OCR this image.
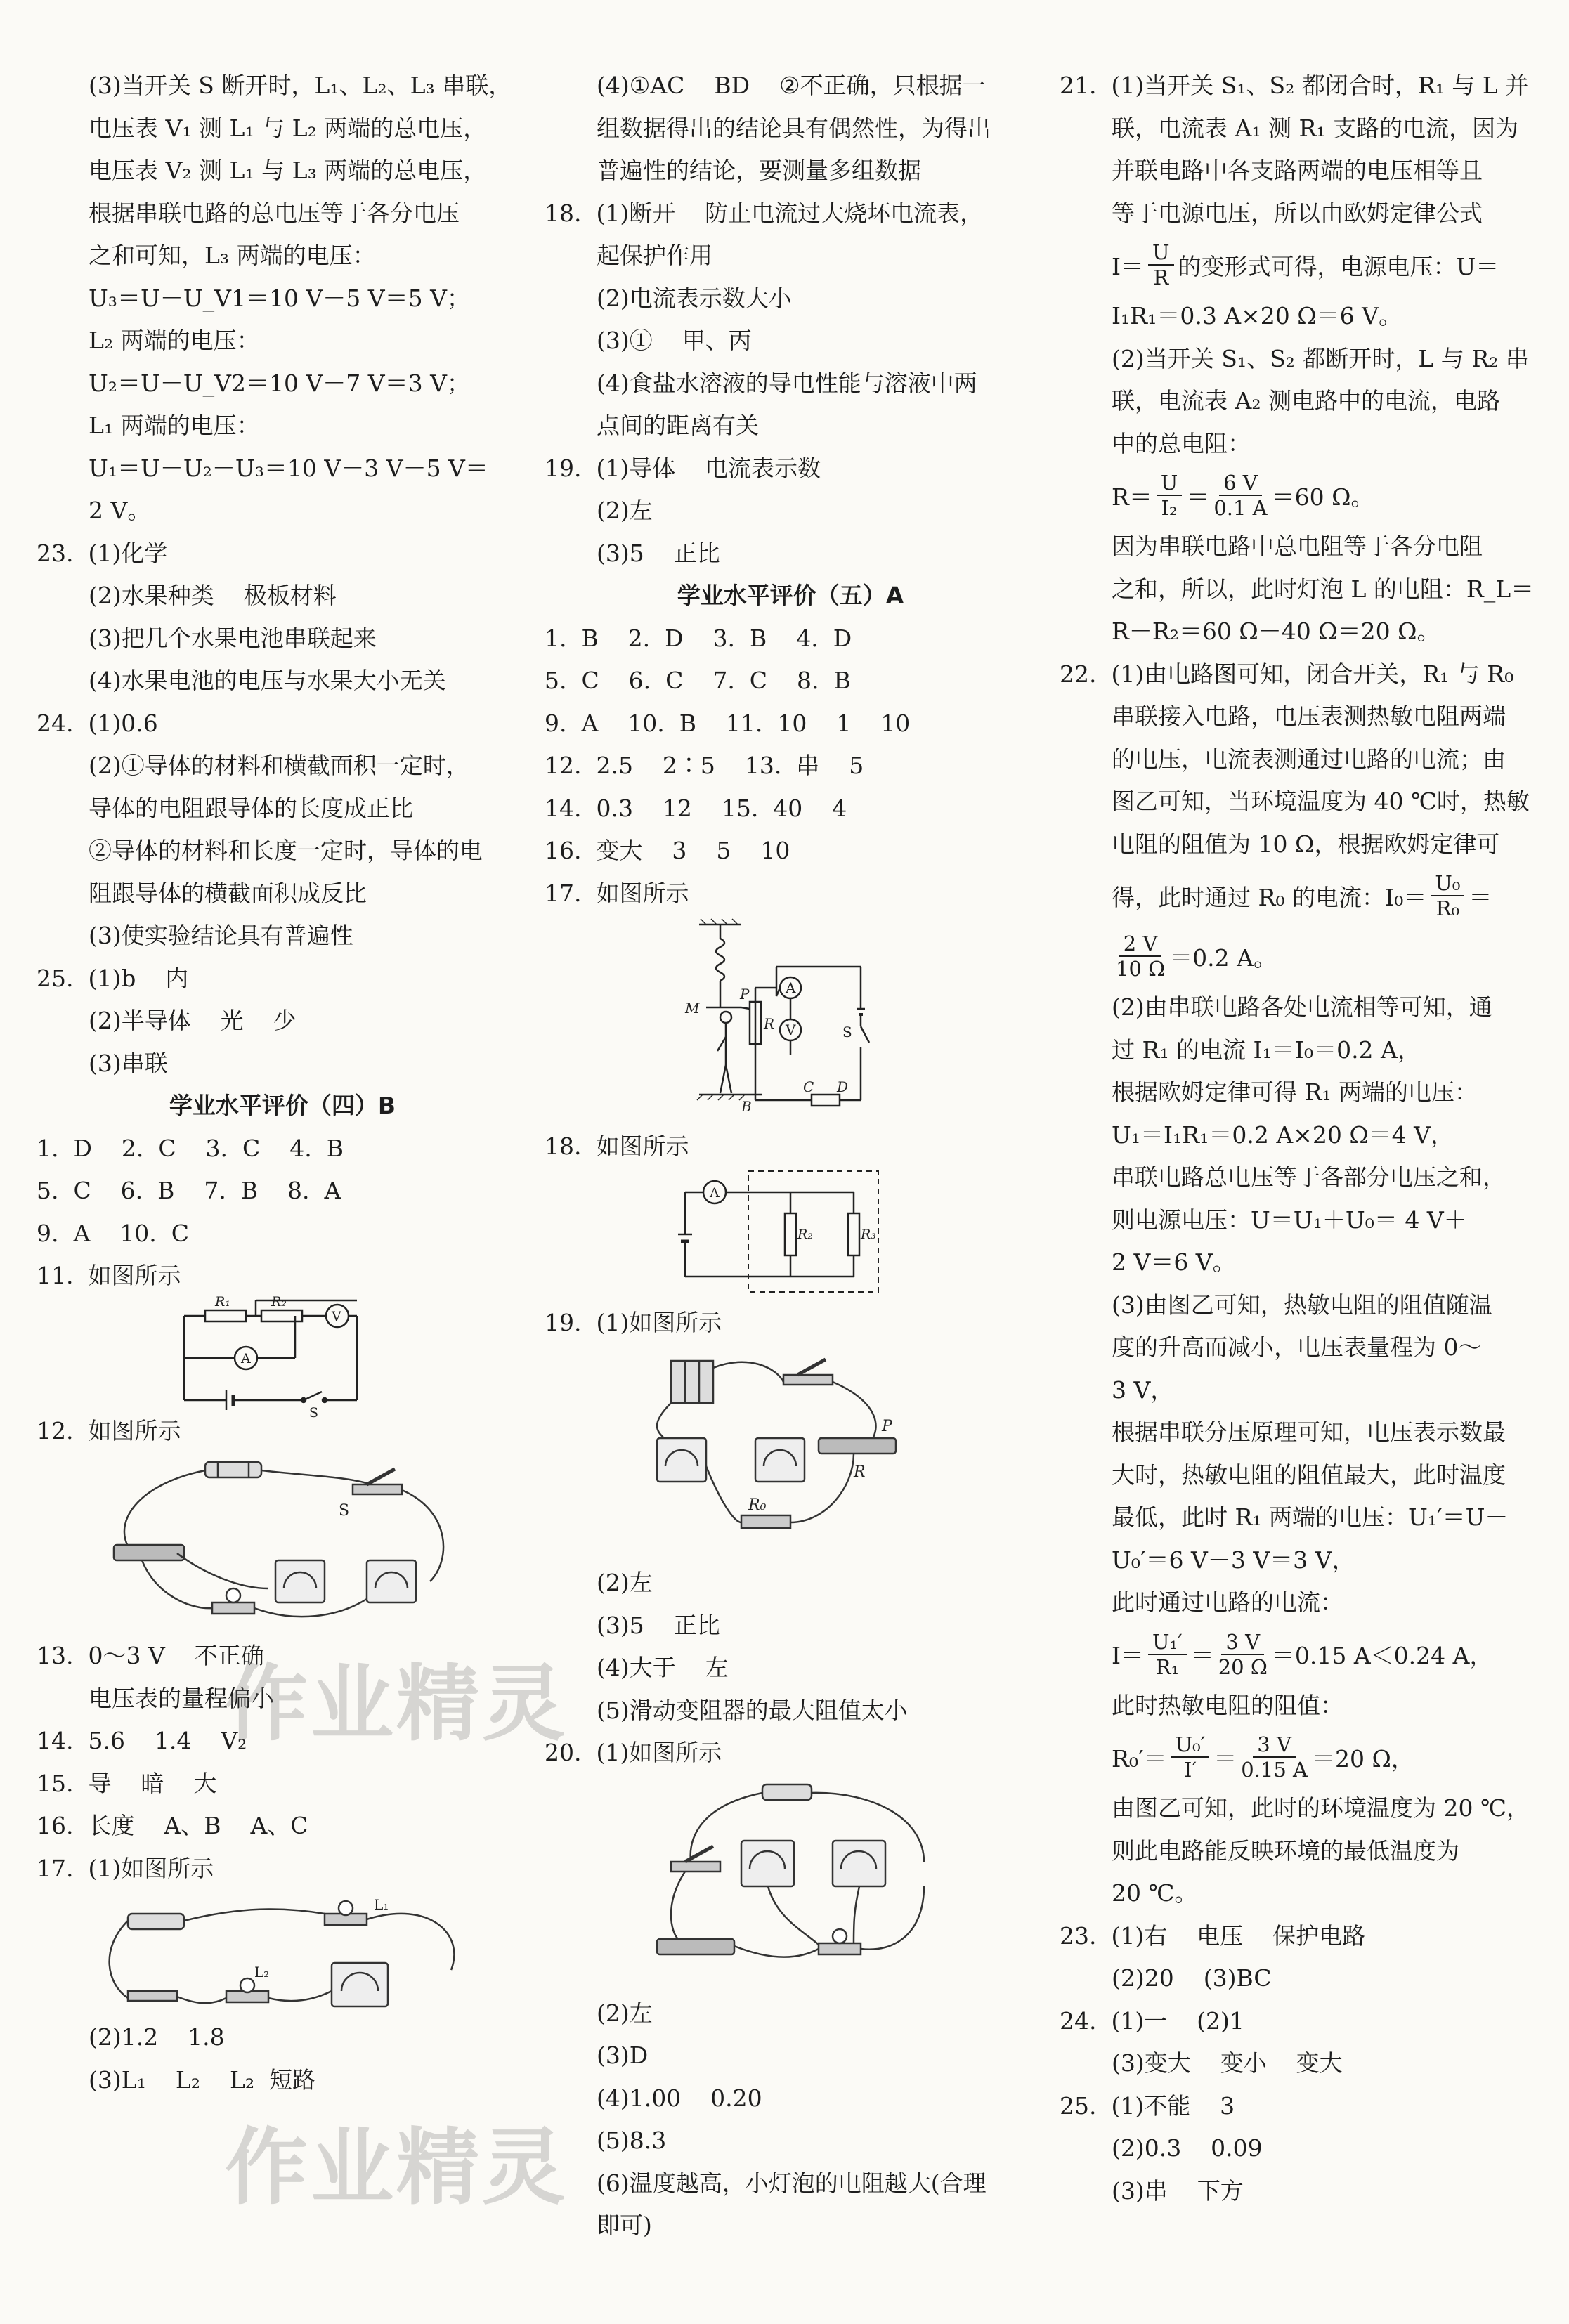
(3)当开关 S 断开时，L₁、L₂、L₃ 串联，
电压表 V₁ 测 L₁ 与 L₂ 两端的总电压，
电压表 V₂ 测 L₁ 与 L₃ 两端的总电压，
根据串联电路的总电压等于各分电压
之和可知，L₃ 两端的电压：
U₃＝U－U_V1＝10 V－5 V＝5 V；
L₂ 两端的电压：
U₂＝U－U_V2＝10 V－7 V＝3 V；
L₁ 两端的电压：
U₁＝U－U₂－U₃＝10 V－3 V－5 V＝
2 V。
23.  (1)化学
(2)水果种类    极板材料
(3)把几个水果电池串联起来
(4)水果电池的电压与水果大小无关
24.  (1)0.6
(2)①导体的材料和横截面积一定时，
导体的电阻跟导体的长度成正比
②导体的材料和长度一定时，导体的电
阻跟导体的横截面积成反比
(3)使实验结论具有普遍性
25.  (1)b    内
(2)半导体    光    少
(3)串联
学业水平评价（四）B
1.  D    2.  C    3.  C    4.  B
5.  C    6.  B    7.  B    8.  A
9.  A    10.  C
11.  如图所示
R₁	R₂
V
A
S
12.  如图所示
S
13.  0～3 V    不正确
电压表的量程偏小
14.  5.6    1.4    V₂
15.  导    暗    大
16.  长度    A、B    A、C
17.  (1)如图所示
L₁
L₂
(2)1.2    1.8
(3)L₁    L₂    L₂  短路
(4)①AC    BD    ②不正确，只根据一
组数据得出的结论具有偶然性，为得出
普遍性的结论，要测量多组数据
18.  (1)断开    防止电流过大烧坏电流表，
起保护作用
(2)电流表示数大小
(3)①    甲、丙
(4)食盐水溶液的导电性能与溶液中两
点间的距离有关
19.  (1)导体    电流表示数
(2)左
(3)5    正比
学业水平评价（五）A
1.  B    2.  D    3.  B    4.  D
5.  C    6.  C    7.  C    8.  B
9.  A    10.  B    11.  10    1    10
12.  2.5    2∶5    13.  串    5
14.  0.3    12    15.  40    4
16.  变大    3    5    10
17.  如图所示
M
P
R
A
V	S
C D
B
18.  如图所示
A
R₂	R₃
19.  (1)如图所示
P
R
R₀
(2)左
(3)5    正比
(4)大于    左
(5)滑动变阻器的最大阻值太小
20.  (1)如图所示
(2)左
(3)D
(4)1.00    0.20
(5)8.3
(6)温度越高，小灯泡的电阻越大(合理
即可)
21.  (1)当开关 S₁、S₂ 都闭合时，R₁ 与 L 并
联，电流表 A₁ 测 R₁ 支路的电流，因为
并联电路中各支路两端的电压相等且
等于电源电压，所以由欧姆定律公式
$I= \frac{U}{R}$ 的变形式可得，电源电压：U＝
I₁R₁＝0.3 A×20 Ω＝6 V。
(2)当开关 S₁、S₂ 都断开时，L 与 R₂ 串
联，电流表 A₂ 测电路中的电流，电路
中的总电阻：
$R= \frac{U}{\text{I₂}} = \frac{6 V}{0.1 A} =60$ Ω。
因为串联电路中总电阻等于各分电阻
之和，所以，此时灯泡 L 的电阻：R_L＝
R－R₂＝60 Ω－40 Ω＝20 Ω。
22.  (1)由电路图可知，闭合开关，R₁ 与 R₀
串联接入电路，电压表测热敏电阻两端
的电压，电流表测通过电路的电流；由
图乙可知，当环境温度为 40 ℃时，热敏
电阻的阻值为 10 Ω，根据欧姆定律可
得，此时通过 R₀ 的电流：$I_0= \frac{\text{U₀}}{\text{R₀}}$ ＝
$\frac{2 V}{10 \Omega} =0.2$ A。
(2)由串联电路各处电流相等可知，通
过 R₁ 的电流 I₁＝I₀＝0.2 A，
根据欧姆定律可得 R₁ 两端的电压：
U₁＝I₁R₁＝0.2 A×20 Ω＝4 V，
串联电路总电压等于各部分电压之和，
则电源电压：U＝U₁＋U₀＝ 4 V＋
2 V＝6 V。
(3)由图乙可知，热敏电阻的阻值随温
度的升高而减小，电压表量程为 0～
3 V，
根据串联分压原理可知，电压表示数最
大时，热敏电阻的阻值最大，此时温度
最低，此时 R₁ 两端的电压：U₁′＝U－
U₀′＝6 V－3 V＝3 V，
此时通过电路的电流：
$I= \frac{\text{U₁′}}{\text{R₁}} = \frac{3 V}{20 \Omega} =0.15$ A＜0.24 A，
此时热敏电阻的阻值：
$R_0'= \frac{\text{U₀′}}{I'} = \frac{3 V}{0.15 A} =20$ Ω，
由图乙可知，此时的环境温度为 20 ℃，
则此电路能反映环境的最低温度为
20 ℃。
23.  (1)右    电压    保护电路
(2)20    (3)BC
24.  (1)一    (2)1
(3)变大    变小    变大
25.  (1)不能    3
(2)0.3    0.09
(3)串    下方
作业精灵
作业精灵
